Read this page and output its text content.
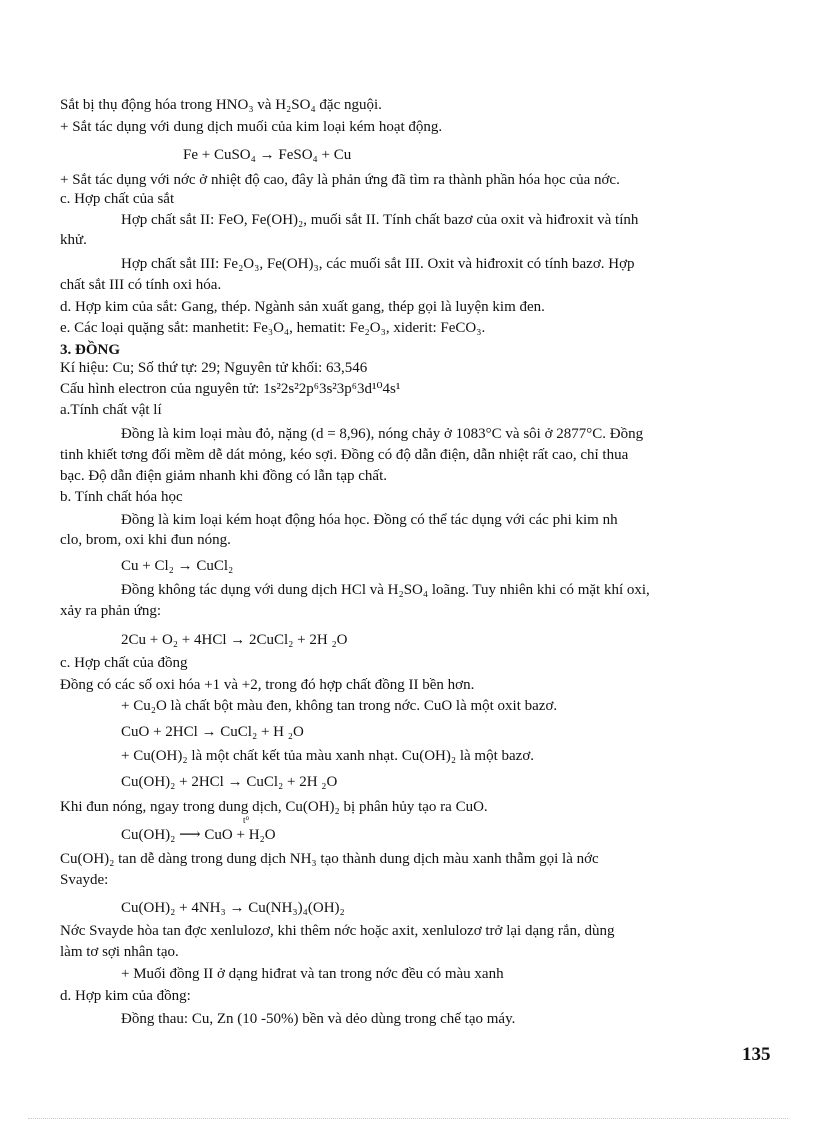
Sắt bị thụ động hóa trong HNO₃ và H₂SO₄ đặc nguội.
+ Sắt tác dụng với dung dịch muối của kim loại kém hoạt động.
Fe + CuSO₄ → FeSO₄ + Cu
+ Sắt tác dụng với nớc ở nhiệt độ cao, đây là phản ứng đã tìm ra thành phần hóa học của nớc.
c. Hợp chất của sắt
Hợp chất sắt II: FeO, Fe(OH)₂, muối sắt II. Tính chất bazơ của oxit và hiđroxit và tính
khử.
Hợp chất sắt III: Fe₂O₃, Fe(OH)₃, các muối sắt III. Oxit và hiđroxit có tính bazơ. Hợp
chất sắt III có tính oxi hóa.
d. Hợp kim của sắt: Gang, thép. Ngành sản xuất gang, thép gọi là luyện kim đen.
e. Các loại quặng sắt: manhetit: Fe₃O₄, hematit: Fe₂O₃, xiderit: FeCO₃.
3. ĐỒNG
Kí hiệu: Cu; Số thứ tự: 29; Nguyên tử khối: 63,546
Cấu hình electron của nguyên tử: 1s²2s²2p⁶3s²3p⁶3d¹⁰4s¹
a.Tính chất vật lí
Đồng là kim loại màu đỏ, nặng (d = 8,96), nóng chảy ở 1083°C và sôi ở 2877°C. Đồng
tinh khiết tơng đối mềm dễ dát mỏng, kéo sợi. Đồng có độ dẫn điện, dẫn nhiệt rất cao, chỉ thua
bạc. Độ dẫn điện giảm nhanh khi đồng có lẫn tạp chất.
b. Tính chất hóa học
Đồng là kim loại kém hoạt động hóa học. Đồng có thể tác dụng với các phi kim nh
clo, brom, oxi khi đun nóng.
Cu + Cl₂ → CuCl₂
Đồng không tác dụng với dung dịch HCl và H₂SO₄ loãng. Tuy nhiên khi có mặt khí oxi,
xảy ra phản ứng:
2Cu + O₂ + 4HCl → 2CuCl₂ + 2H ₂O
c. Hợp chất của đồng
Đồng có các số oxi hóa +1 và +2, trong đó hợp chất đồng II bền hơn.
+ Cu₂O là chất bột màu đen, không tan trong nớc. CuO là một oxit bazơ.
CuO + 2HCl → CuCl₂ + H ₂O
+ Cu(OH)₂ là một chất kết tủa màu xanh nhạt. Cu(OH)₂ là một bazơ.
Cu(OH)₂ + 2HCl → CuCl₂ + 2H ₂O
Khi đun nóng, ngay trong dung dịch, Cu(OH)₂ bị phân hủy tạo ra CuO.
Cu(OH)₂ ⟶ CuO + H₂O
t⁰
Cu(OH)₂ tan dễ dàng trong dung dịch NH₃ tạo thành dung dịch màu xanh thẫm gọi là nớc
Svayde:
Cu(OH)₂ + 4NH₃ → Cu(NH₃)₄(OH)₂
Nớc Svayde hòa tan đợc xenlulozơ, khi thêm nớc hoặc axit, xenlulozơ trở lại dạng rắn, dùng
làm tơ sợi nhân tạo.
+ Muối đồng II ở dạng hiđrat và tan trong nớc đều có màu xanh
d. Hợp kim của đồng:
Đồng thau: Cu, Zn (10 -50%) bền và dẻo dùng trong chế tạo máy.
135
